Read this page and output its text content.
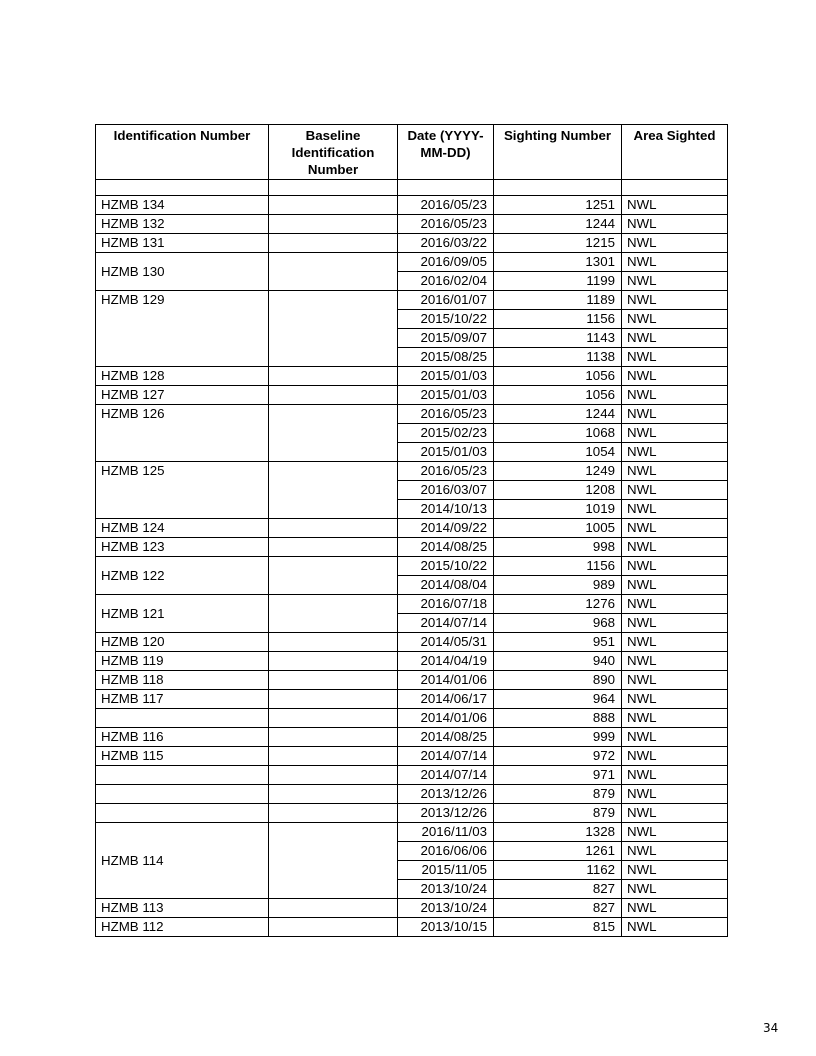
Identification Number	Baseline Identification Number	Date (YYYY-MM-DD)	Sighting Number	Area Sighted

HZMB 134		2016/05/23	1251	NWL
HZMB 132		2016/05/23	1244	NWL
HZMB 131		2016/03/22	1215	NWL
HZMB 130		2016/09/05	1301	NWL
		2016/02/04	1199	NWL
HZMB 129		2016/01/07	1189	NWL
		2015/10/22	1156	NWL
		2015/09/07	1143	NWL
		2015/08/25	1138	NWL
HZMB 128		2015/01/03	1056	NWL
HZMB 127		2015/01/03	1056	NWL
HZMB 126		2016/05/23	1244	NWL
		2015/02/23	1068	NWL
		2015/01/03	1054	NWL
HZMB 125		2016/05/23	1249	NWL
		2016/03/07	1208	NWL
		2014/10/13	1019	NWL
HZMB 124		2014/09/22	1005	NWL
HZMB 123		2014/08/25	998	NWL
HZMB 122		2015/10/22	1156	NWL
		2014/08/04	989	NWL
HZMB 121		2016/07/18	1276	NWL
		2014/07/14	968	NWL
HZMB 120		2014/05/31	951	NWL
HZMB 119		2014/04/19	940	NWL
HZMB 118		2014/01/06	890	NWL
HZMB 117		2014/06/17	964	NWL
		2014/01/06	888	NWL
HZMB 116		2014/08/25	999	NWL
HZMB 115		2014/07/14	972	NWL
		2014/07/14	971	NWL
		2013/12/26	879	NWL
		2013/12/26	879	NWL
HZMB 114		2016/11/03	1328	NWL
		2016/06/06	1261	NWL
		2015/11/05	1162	NWL
		2013/10/24	827	NWL
HZMB 113		2013/10/24	827	NWL
HZMB 112		2013/10/15	815	NWL
34
